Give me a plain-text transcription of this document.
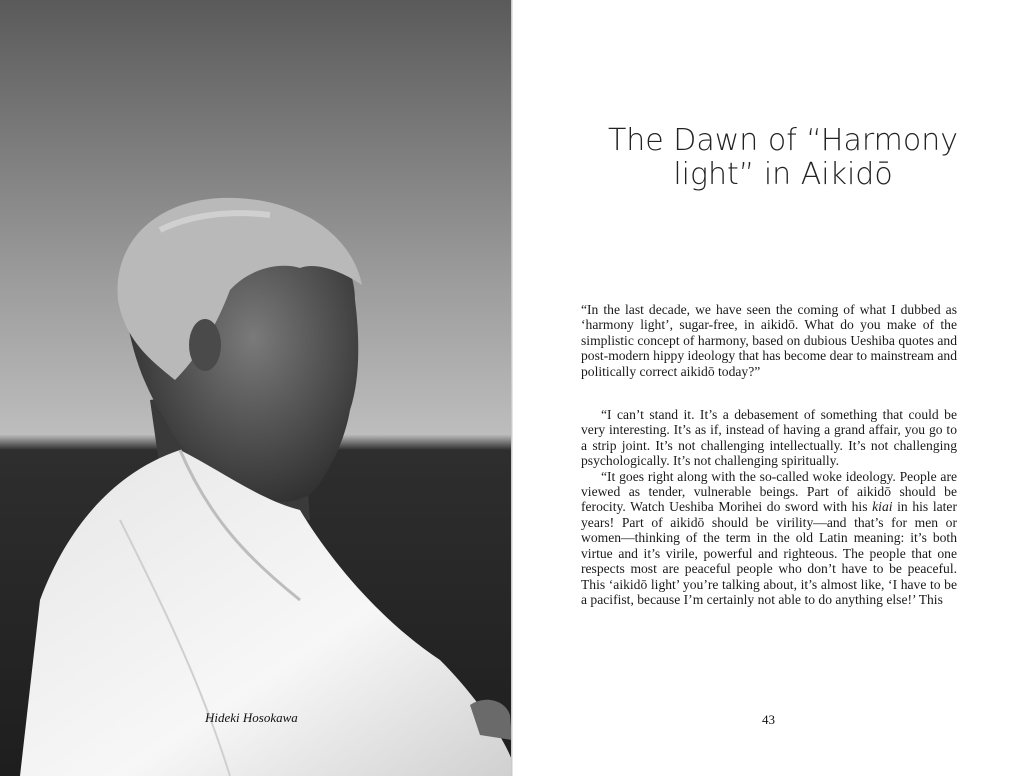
Hideki Hosokawa
The Dawn of “Harmony
light” in Aikidō

“In the last decade, we have seen the coming of what I dubbed as ‘harmony light’, sugar-free, in aikidō. What do you make of the simplistic concept of harmony, based on dubious Ueshiba quotes and post-modern hippy ideology that has become dear to mainstream and politically correct aikidō today?”

“I can’t stand it. It’s a debasement of something that could be very interesting. It’s as if, instead of having a grand affair, you go to a strip joint. It’s not challenging intellectually. It’s not challenging psychologically. It’s not challenging spiritually.

“It goes right along with the so-called woke ideology. People are viewed as tender, vulnerable beings. Part of aikidō should be ferocity. Watch Ueshiba Morihei do sword with his kiai in his later years! Part of aikidō should be virility—and that’s for men or women—thinking of the term in the old Latin meaning: it’s both virtue and it’s virile, powerful and righteous. The people that one respects most are peaceful people who don’t have to be peaceful. This ‘aikidō light’ you’re talking about, it’s almost like, ‘I have to be a pacifist, because I’m certainly not able to do anything else!’ This

43
